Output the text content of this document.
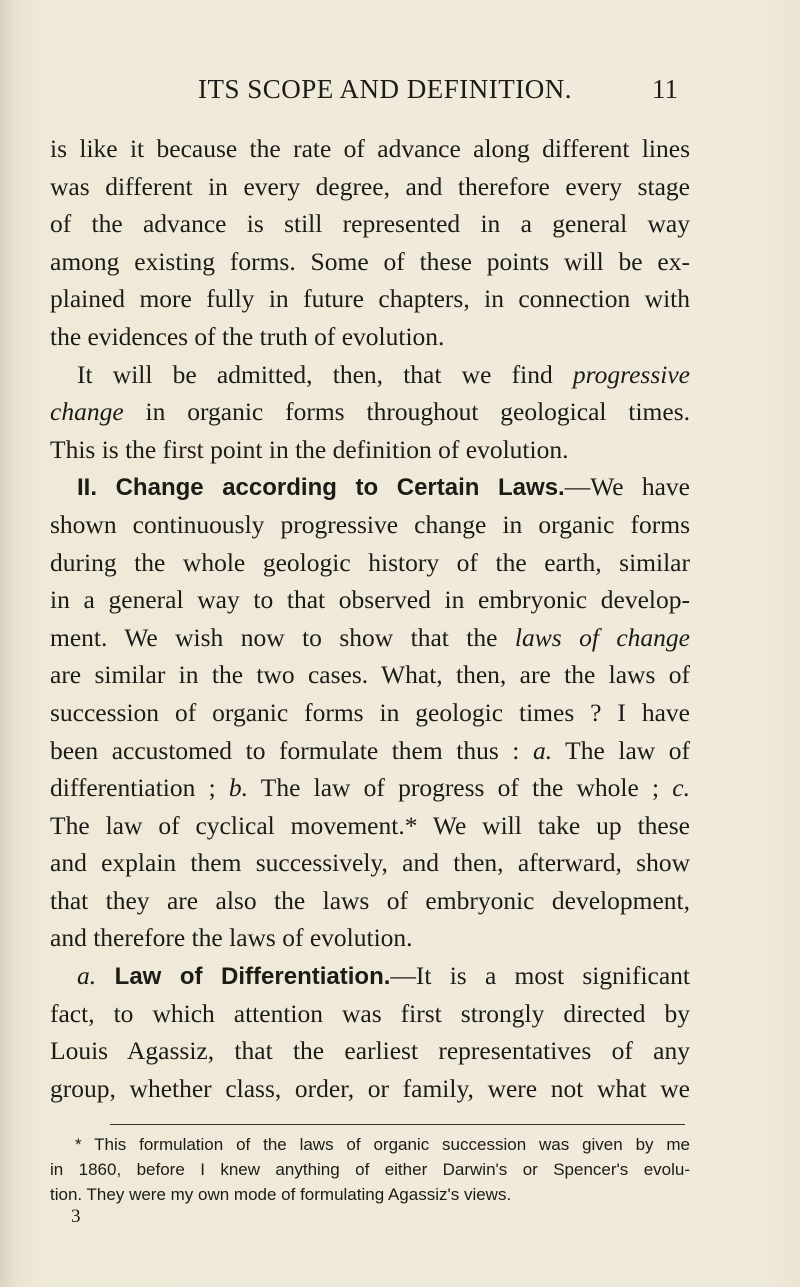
ITS SCOPE AND DEFINITION.	11
is like it because the rate of advance along different lines
was different in every degree, and therefore every stage
of the advance is still represented in a general way
among existing forms. Some of these points will be ex-
plained more fully in future chapters, in connection with
the evidences of the truth of evolution.
It will be admitted, then, that we find progressive
change in organic forms throughout geological times.
This is the first point in the definition of evolution.
II. Change according to Certain Laws.—We have
shown continuously progressive change in organic forms
during the whole geologic history of the earth, similar
in a general way to that observed in embryonic develop-
ment. We wish now to show that the laws of change
are similar in the two cases. What, then, are the laws of
succession of organic forms in geologic times ? I have
been accustomed to formulate them thus : a. The law of
differentiation ; b. The law of progress of the whole ; c.
The law of cyclical movement.* We will take up these
and explain them successively, and then, afterward, show
that they are also the laws of embryonic development,
and therefore the laws of evolution.
a. Law of Differentiation.—It is a most significant
fact, to which attention was first strongly directed by
Louis Agassiz, that the earliest representatives of any
group, whether class, order, or family, were not what we
* This formulation of the laws of organic succession was given by me
in 1860, before I knew anything of either Darwin's or Spencer's evolu-
tion. They were my own mode of formulating Agassiz's views.
3
